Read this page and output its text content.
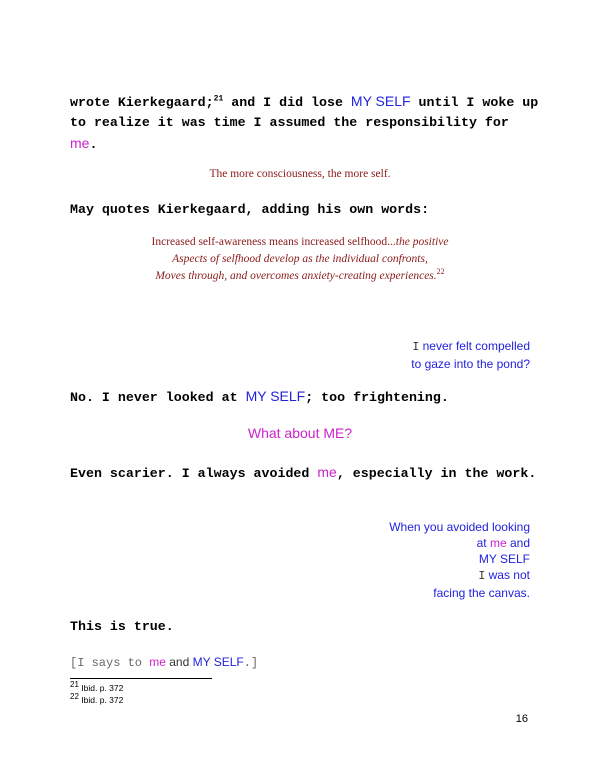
wrote Kierkegaard;$^{21}$ and I did lose MY SELF until I woke up to realize it was time I assumed the responsibility for me.
The more consciousness, the more self.
May quotes Kierkegaard, adding his own words:
Increased self-awareness means increased selfhood...the positive
Aspects of selfhood develop as the individual confronts,
Moves through, and overcomes anxiety-creating experiences.$^{22}$
I never felt compelled
to gaze into the pond?
No. I never looked at MY SELF; too frightening.
What about ME?
Even scarier. I always avoided me, especially in the work.
When you avoided looking
at me and
MY SELF
I was not
facing the canvas.
This is true.
[I says to me and MY SELF.]
$^{21}$ Ibid. p. 372
$^{22}$ Ibid. p. 372
16
